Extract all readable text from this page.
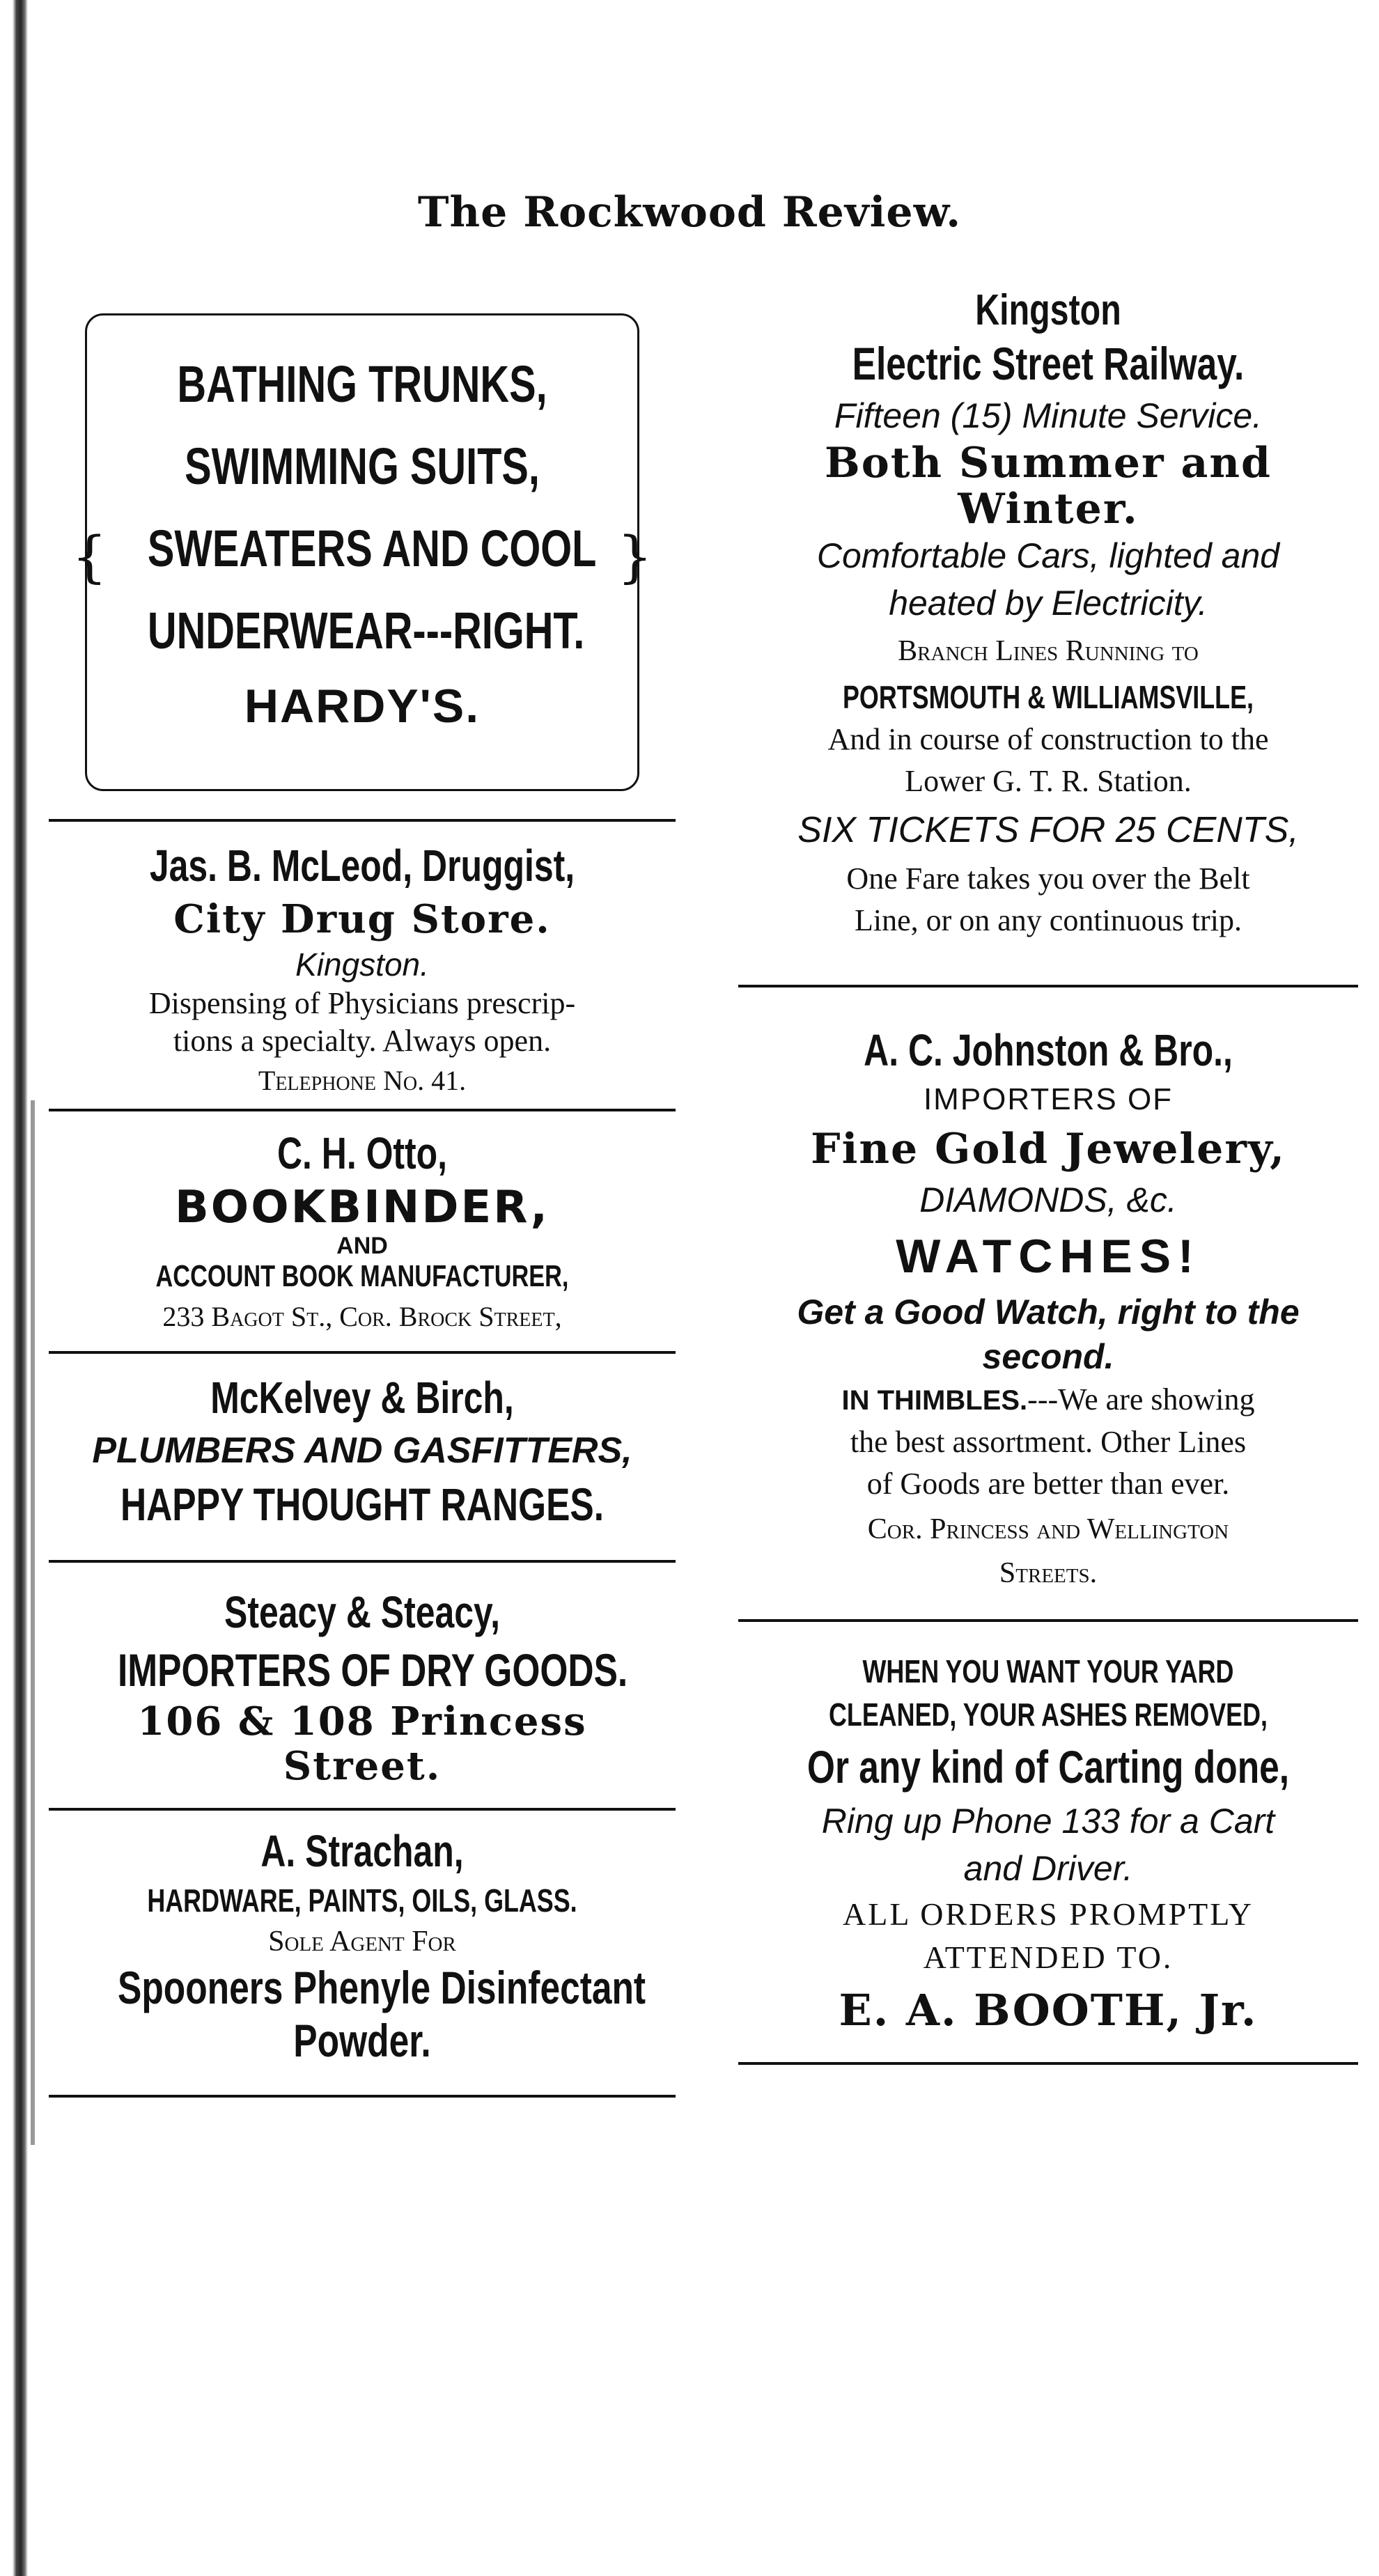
The Rockwood Review.
{	}
BATHING TRUNKS,
SWIMMING SUITS,
SWEATERS AND COOL
UNDERWEAR---RIGHT.
HARDY'S.
Jas. B. McLeod, Druggist,
City Drug Store.
Kingston.
Dispensing of Physicians prescrip-
tions a specialty. Always open.
Telephone No. 41.
C. H. Otto,
BOOKBINDER,
AND
ACCOUNT BOOK MANUFACTURER,
233 Bagot St., Cor. Brock Street,
McKelvey & Birch,
PLUMBERS AND GASFITTERS,
HAPPY THOUGHT RANGES.
Steacy & Steacy,
IMPORTERS OF DRY GOODS.
106 & 108 Princess
Street.
A. Strachan,
HARDWARE, PAINTS, OILS, GLASS.
Sole Agent For
Spooners Phenyle Disinfectant
Powder.
Kingston
Electric Street Railway.
Fifteen (15) Minute Service.
Both Summer and
Winter.
Comfortable Cars, lighted and
heated by Electricity.
Branch Lines Running to
PORTSMOUTH & WILLIAMSVILLE,
And in course of construction to the
Lower G. T. R. Station.
SIX TICKETS FOR 25 CENTS,
One Fare takes you over the Belt
Line, or on any continuous trip.
A. C. Johnston & Bro.,
IMPORTERS OF
Fine Gold Jewelery,
DIAMONDS, &c.
WATCHES!
Get a Good Watch, right to the
second.
IN THIMBLES.---We are showing
the best assortment. Other Lines
of Goods are better than ever.
Cor. Princess and Wellington
Streets.
WHEN YOU WANT YOUR YARD
CLEANED, YOUR ASHES REMOVED,
Or any kind of Carting done,
Ring up Phone 133 for a Cart
and Driver.
ALL ORDERS PROMPTLY
ATTENDED TO.
E. A. BOOTH, Jr.
